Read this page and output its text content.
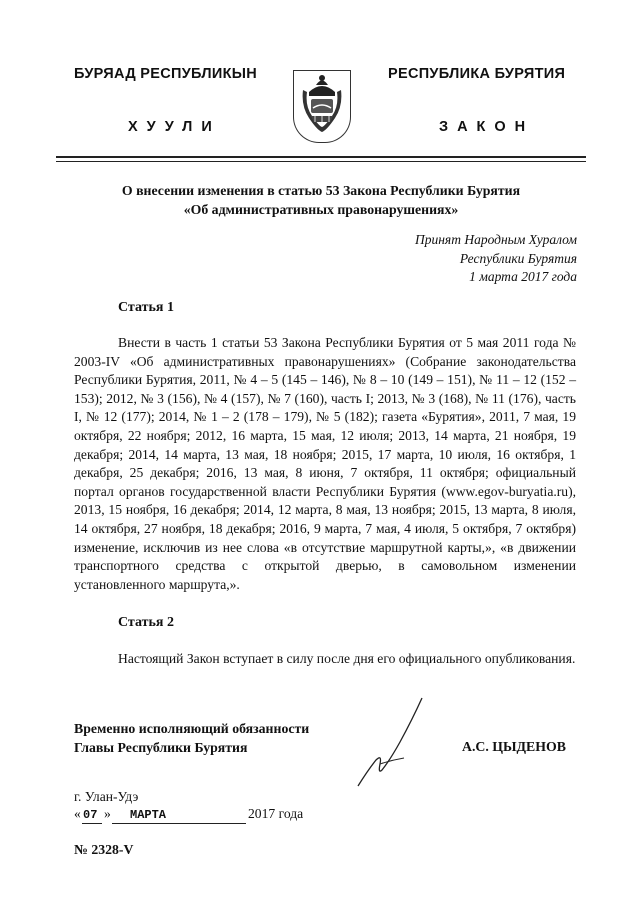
БУРЯАД РЕСПУБЛИКЫН	РЕСПУБЛИКА БУРЯТИЯ
ХУУЛИ	ЗАКОН
О внесении изменения в статью 53 Закона Республики Бурятия
«Об административных правонарушениях»
Принят Народным Хуралом
Республики Бурятия
1 марта 2017 года
Статья 1
Внести в часть 1 статьи 53 Закона Республики Бурятия от 5 мая 2011 года № 2003-IV «Об административных правонарушениях» (Собрание законодательства Республики Бурятия, 2011, № 4 – 5 (145 – 146), № 8 – 10 (149 – 151), № 11 – 12 (152 – 153); 2012, № 3 (156), № 4 (157), № 7 (160), часть I; 2013, № 3 (168), № 11 (176), часть I, № 12 (177); 2014, № 1 – 2 (178 – 179), № 5 (182); газета «Бурятия», 2011, 7 мая, 19 октября, 22 ноября; 2012, 16 марта, 15 мая, 12 июля; 2013, 14 марта, 21 ноября, 19 декабря; 2014, 14 марта, 13 мая, 18 ноября; 2015, 17 марта, 10 июля, 16 октября, 1 декабря, 25 декабря; 2016, 13 мая, 8 июня, 7 октября, 11 октября; официальный портал органов государственной власти Республики Бурятия (www.egov-buryatia.ru), 2013, 15 ноября, 16 декабря; 2014, 12 марта, 8 мая, 13 ноября; 2015, 13 марта, 8 июля, 14 октября, 27 ноября, 18 декабря; 2016, 9 марта, 7 мая, 4 июля, 5 октября, 7 октября) изменение, исключив из нее слова «в отсутствие маршрутной карты,», «в движении транспортного средства с открытой дверью, в самовольном изменении установленного маршрута,».
Статья 2
Настоящий Закон вступает в силу после дня его официального опубликования.
Временно исполняющий обязанности
Главы Республики Бурятия	А.С. ЦЫДЕНОВ
г. Улан-Удэ
« 07 » МАРТА	2017 года
№ 2328-V
